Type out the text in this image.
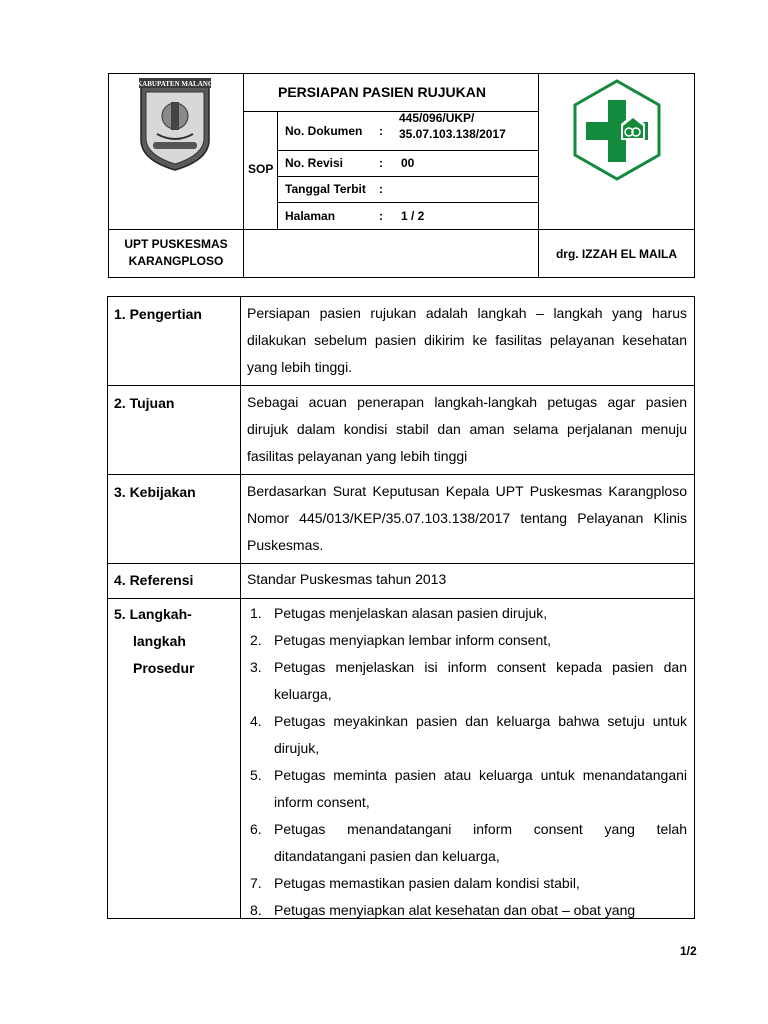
KABUPATEN MALANG	PERSIAPAN PASIEN RUJUKAN
SOP
No. Dokumen :
445/096/UKP/ 35.07.103.138/2017
No. Revisi	: 00
Tanggal Terbit :
Halaman	: 1 / 2
UPT PUSKESMAS
KARANGPLOSO	drg. IZZAH EL MAILA
1. Pengertian	Persiapan pasien rujukan adalah langkah – langkah yang harus dilakukan sebelum pasien dikirim ke fasilitas pelayanan kesehatan yang lebih tinggi.
2. Tujuan	Sebagai acuan penerapan langkah-langkah petugas agar pasien dirujuk dalam kondisi stabil dan aman selama perjalanan menuju fasilitas pelayanan yang lebih tinggi
3. Kebijakan	Berdasarkan Surat Keputusan Kepala UPT Puskesmas Karangploso Nomor 445/013/KEP/35.07.103.138/2017 tentang Pelayanan Klinis Puskesmas.
4. Referensi	Standar Puskesmas tahun 2013
5. Langkah-
langkah
Prosedur
1. Petugas menjelaskan alasan pasien dirujuk,
2. Petugas menyiapkan lembar inform consent,
3. Petugas menjelaskan isi inform consent kepada pasien dan keluarga,
4. Petugas meyakinkan pasien dan keluarga bahwa setuju untuk dirujuk,
5. Petugas meminta pasien atau keluarga untuk menandatangani inform consent,
6. Petugas menandatangani inform consent yang telah ditandatangani pasien dan keluarga,
7. Petugas memastikan pasien dalam kondisi stabil,
8. Petugas menyiapkan alat kesehatan dan obat – obat yang
1/2
